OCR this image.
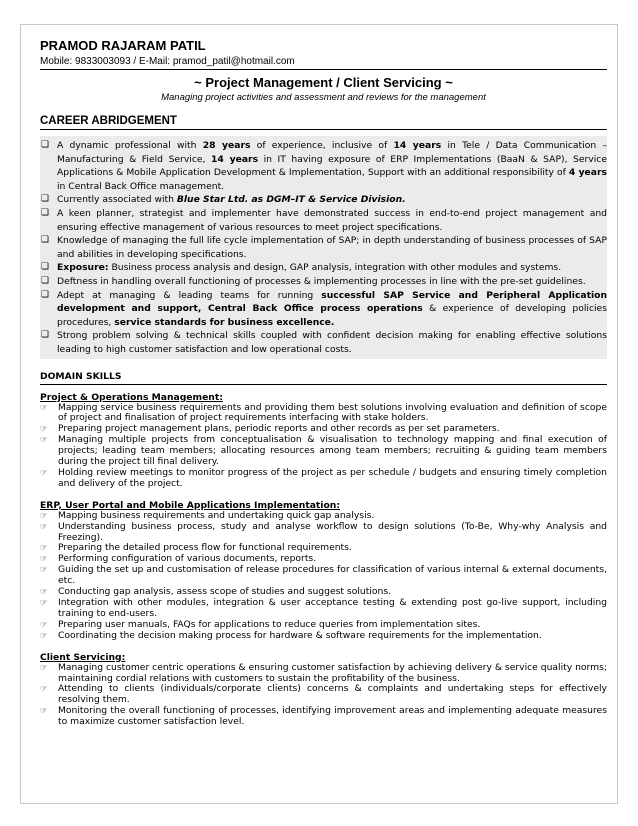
PRAMOD RAJARAM PATIL
Mobile: 9833003093 / E-Mail: pramod_patil@hotmail.com
~ Project Management / Client Servicing ~
Managing project activities and assessment and reviews for the management
CAREER ABRIDGEMENT
❏ A dynamic professional with 28 years of experience, inclusive of 14 years in Tele / Data Communication – Manufacturing & Field Service, 14 years in IT having exposure of ERP Implementations (BaaN & SAP), Service Applications & Mobile Application Development & Implementation, Support with an additional responsibility of 4 years in Central Back Office management.
❏ Currently associated with Blue Star Ltd. as DGM–IT & Service Division.
❏ A keen planner, strategist and implementer have demonstrated success in end-to-end project management and ensuring effective management of various resources to meet project specifications.
❏ Knowledge of managing the full life cycle implementation of SAP; in depth understanding of business processes of SAP and abilities in developing specifications.
❏ Exposure: Business process analysis and design, GAP analysis, integration with other modules and systems.
❏ Deftness in handling overall functioning of processes & implementing processes in line with the pre-set guidelines.
❏ Adept at managing & leading teams for running successful SAP Service and Peripheral Application development and support, Central Back Office process operations & experience of developing policies procedures, service standards for business excellence.
❏ Strong problem solving & technical skills coupled with confident decision making for enabling effective solutions leading to high customer satisfaction and low operational costs.
DOMAIN SKILLS
Project & Operations Management:
☞ Mapping service business requirements and providing them best solutions involving evaluation and definition of scope of project and finalisation of project requirements interfacing with stake holders.
☞ Preparing project management plans, periodic reports and other records as per set parameters.
☞ Managing multiple projects from conceptualisation & visualisation to technology mapping and final execution of projects; leading team members; allocating resources among team members; recruiting & guiding team members during the project till final delivery.
☞ Holding review meetings to monitor progress of the project as per schedule / budgets and ensuring timely completion and delivery of the project.
ERP, User Portal and Mobile Applications Implementation:
☞ Mapping business requirements and undertaking quick gap analysis.
☞ Understanding business process, study and analyse workflow to design solutions (To-Be, Why-why Analysis and Freezing).
☞ Preparing the detailed process flow for functional requirements.
☞ Performing configuration of various documents, reports.
☞ Guiding the set up and customisation of release procedures for classification of various internal & external documents, etc.
☞ Conducting gap analysis, assess scope of studies and suggest solutions.
☞ Integration with other modules, integration & user acceptance testing & extending post go-live support, including training to end-users.
☞ Preparing user manuals, FAQs for applications to reduce queries from implementation sites.
☞ Coordinating the decision making process for hardware & software requirements for the implementation.
Client Servicing:
☞ Managing customer centric operations & ensuring customer satisfaction by achieving delivery & service quality norms; maintaining cordial relations with customers to sustain the profitability of the business.
☞ Attending to clients (individuals/corporate clients) concerns & complaints and undertaking steps for effectively resolving them.
☞ Monitoring the overall functioning of processes, identifying improvement areas and implementing adequate measures to maximize customer satisfaction level.
